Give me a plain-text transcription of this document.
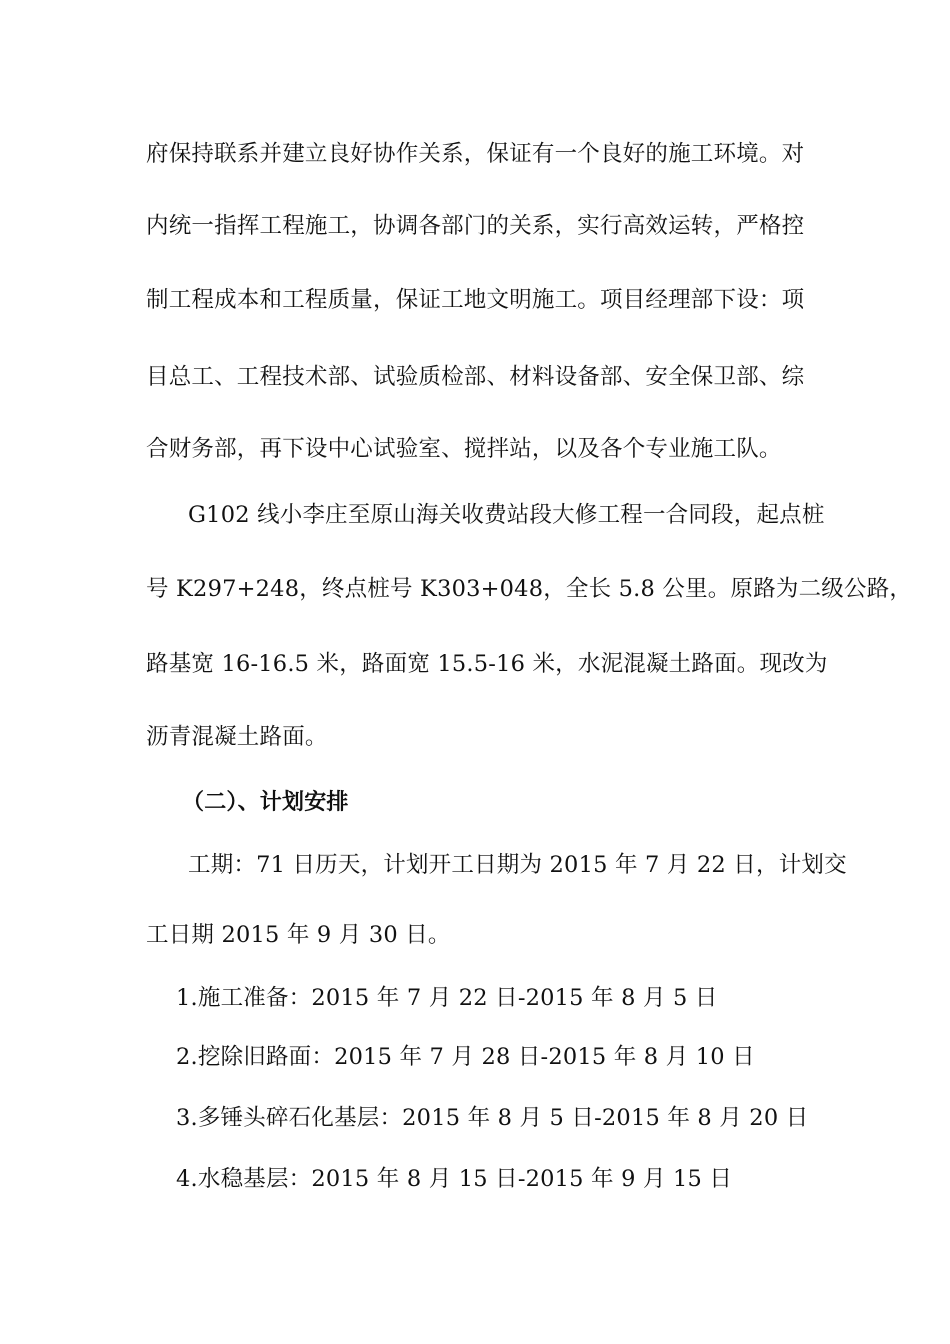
府保持联系并建立良好协作关系，保证有一个良好的施工环境。对
内统一指挥工程施工，协调各部门的关系，实行高效运转，严格控
制工程成本和工程质量，保证工地文明施工。项目经理部下设：项
目总工、工程技术部、试验质检部、材料设备部、安全保卫部、综
合财务部，再下设中心试验室、搅拌站，以及各个专业施工队。
G102 线小李庄至原山海关收费站段大修工程一合同段，起点桩
号 K297+248，终点桩号 K303+048，全长 5.8 公里。原路为二级公路，
路基宽 16-16.5 米，路面宽 15.5-16 米，水泥混凝土路面。现改为
沥青混凝土路面。
（二）、计划安排
工期：71 日历天，计划开工日期为 2015 年 7 月 22 日，计划交
工日期 2015 年 9 月 30 日。
1.施工准备：2015 年 7 月 22 日-2015 年 8 月 5 日
2.挖除旧路面：2015 年 7 月 28 日-2015 年 8 月 10 日
3.多锤头碎石化基层：2015 年 8 月 5 日-2015 年 8 月 20 日
4.水稳基层：2015 年 8 月 15 日-2015 年 9 月 15 日
